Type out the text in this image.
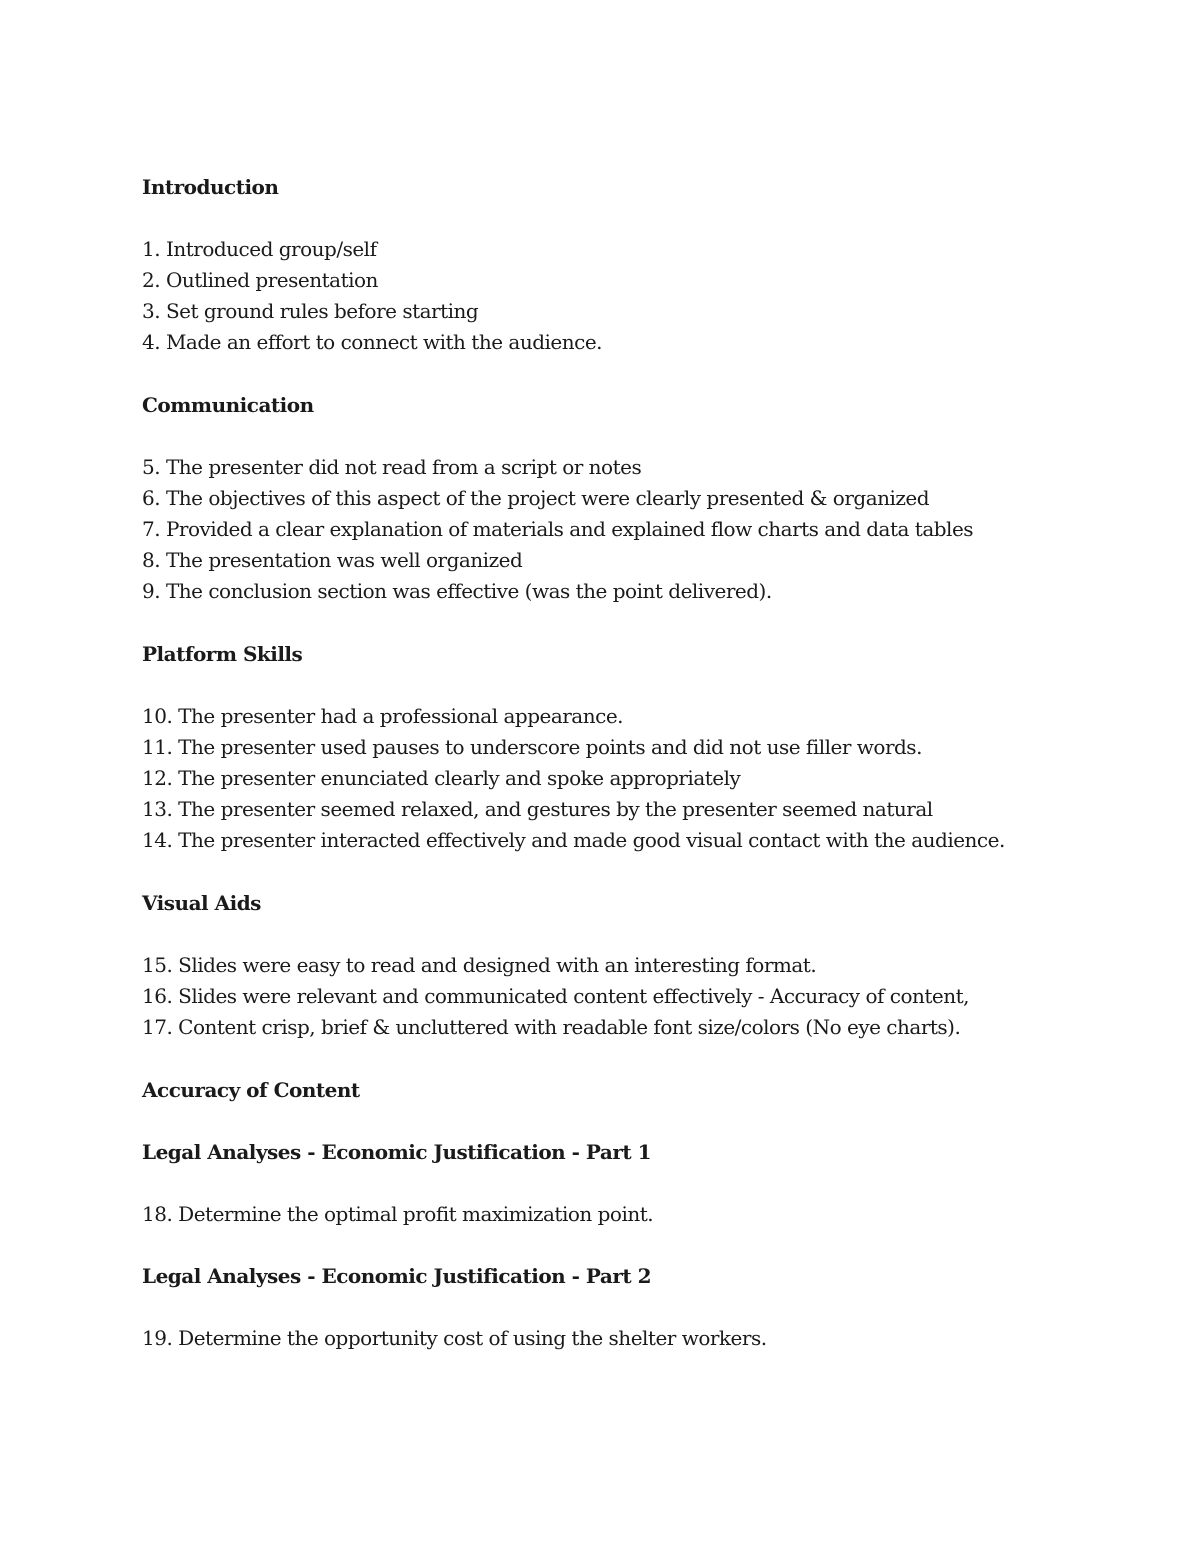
Introduction
1. Introduced group/self
2. Outlined presentation
3. Set ground rules before starting
4. Made an effort to connect with the audience.
Communication
5. The presenter did not read from a script or notes
6. The objectives of this aspect of the project were clearly presented & organized
7. Provided a clear explanation of materials and explained flow charts and data tables
8. The presentation was well organized
9. The conclusion section was effective (was the point delivered).
Platform Skills
10. The presenter had a professional appearance.
11. The presenter used pauses to underscore points and did not use filler words.
12. The presenter enunciated clearly and spoke appropriately
13. The presenter seemed relaxed, and gestures by the presenter seemed natural
14. The presenter interacted effectively and made good visual contact with the audience.
Visual Aids
15. Slides were easy to read and designed with an interesting format.
16. Slides were relevant and communicated content effectively - Accuracy of content,
17. Content crisp, brief & uncluttered with readable font size/colors (No eye charts).
Accuracy of Content
Legal Analyses - Economic Justification - Part 1
18. Determine the optimal profit maximization point.
Legal Analyses - Economic Justification - Part 2
19. Determine the opportunity cost of using the shelter workers.
